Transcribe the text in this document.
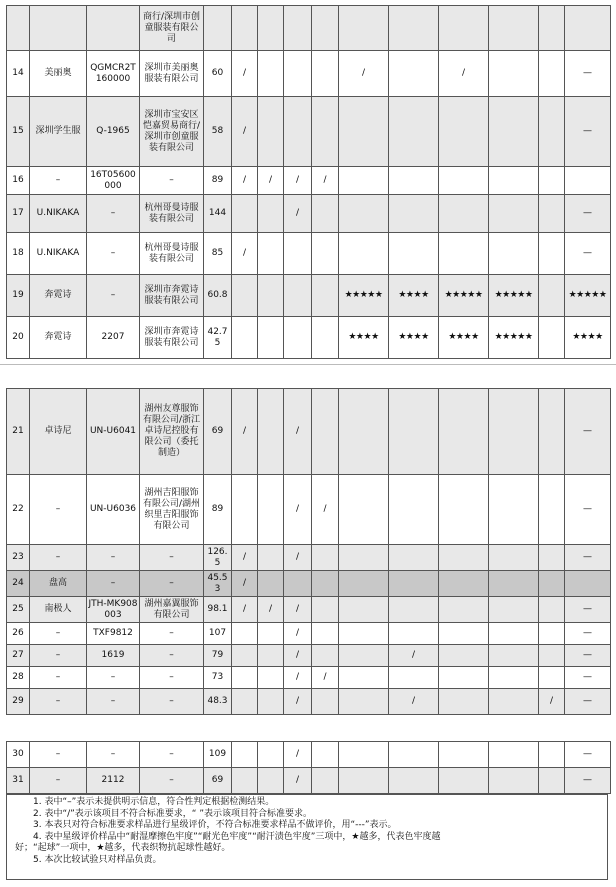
			商行/深圳市创童服装有限公司											
14	美丽奥	QGMCR2T160000	深圳市美丽奥服装有限公司	60	/				/		/			—
15	深圳学生服	Q-1965	深圳市宝安区恺嘉贸易商行/深圳市创童服装有限公司	58	/									—
16	–	16T05600000	–	89	/	/	/	/						
17	U.NIKAKA	–	杭州哥曼诗服装有限公司	144			/							—
18	U.NIKAKA	–	杭州哥曼诗服装有限公司	85	/									—
19	奔霓诗	–	深圳市奔霓诗服装有限公司	60.8					★★★★★	★★★★	★★★★★	★★★★★		★★★★★
20	奔霓诗	2207	深圳市奔霓诗服装有限公司	42.75					★★★★	★★★★	★★★★	★★★★★		★★★★
21	卓诗尼	UN-U6041	湖州友尊服饰有限公司/浙江卓诗尼控股有限公司（委托制造）	69	/		/							—
22	–	UN-U6036	湖州吉阳服饰有限公司/湖州织里吉阳服饰有限公司	89			/	/						—
23	–	–	–	126.5	/		/							—
24	盘高	–	–	45.53	/									
25	南极人	JTH-MK908003	湖州嘉翼服饰有限公司	98.1	/	/	/							—
26	–	TXF9812	–	107			/							—
27	–	1619	–	79			/			/				—
28	–	–	–	73			/	/						—
29	–	–	–	48.3			/			/			/	—
30	–	–	–	109			/							—
31	–	2112	–	69			/							—
1. 表中“–”表示未提供明示信息，符合性判定根据检测结果。
2. 表中“/”表示该项目不符合标准要求，“ ”表示该项目符合标准要求。
3. 本表只对符合标准要求样品进行星级评价，不符合标准要求样品不做评价，用“---”表示。
4. 表中星级评价样品中“耐湿摩擦色牢度”“耐光色牢度”“耐汗渍色牢度”三项中，★越多，代表色牢度越
好；“起球”一项中，★越多，代表织物抗起球性越好。
5. 本次比较试验只对样品负责。
